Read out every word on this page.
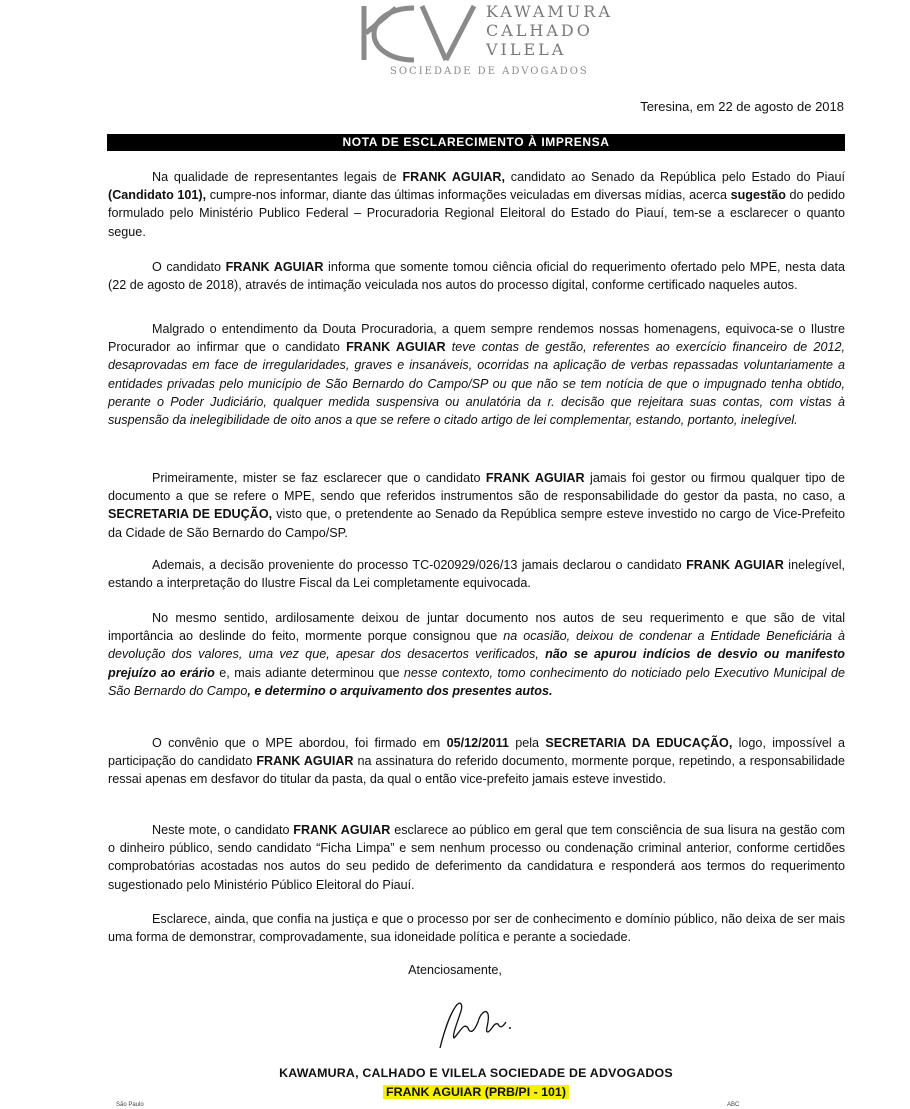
KAWAMURA
CALHADO
VILELA
SOCIEDADE DE ADVOGADOS
Teresina, em 22 de agosto de 2018
NOTA DE ESCLARECIMENTO À IMPRENSA

Na qualidade de representantes legais de FRANK AGUIAR, candidato ao Senado da República pelo Estado do Piauí (Candidato 101), cumpre-nos informar, diante das últimas informações veiculadas em diversas mídias, acerca sugestão do pedido formulado pelo Ministério Publico Federal – Procuradoria Regional Eleitoral do Estado do Piauí, tem-se a esclarecer o quanto segue.

O candidato FRANK AGUIAR informa que somente tomou ciência oficial do requerimento ofertado pelo MPE, nesta data (22 de agosto de 2018), através de intimação veiculada nos autos do processo digital, conforme certificado naqueles autos.

Malgrado o entendimento da Douta Procuradoria, a quem sempre rendemos nossas homenagens, equivoca-se o Ilustre Procurador ao infirmar que o candidato FRANK AGUIAR teve contas de gestão, referentes ao exercício financeiro de 2012, desaprovadas em face de irregularidades, graves e insanáveis, ocorridas na aplicação de verbas repassadas voluntariamente a entidades privadas pelo município de São Bernardo do Campo/SP ou que não se tem notícia de que o impugnado tenha obtido, perante o Poder Judiciário, qualquer medida suspensiva ou anulatória da r. decisão que rejeitara suas contas, com vistas à suspensão da inelegibilidade de oito anos a que se refere o citado artigo de lei complementar, estando, portanto, inelegível.

Primeiramente, mister se faz esclarecer que o candidato FRANK AGUIAR jamais foi gestor ou firmou qualquer tipo de documento a que se refere o MPE, sendo que referidos instrumentos são de responsabilidade do gestor da pasta, no caso, a SECRETARIA DE EDUÇÃO, visto que, o pretendente ao Senado da República sempre esteve investido no cargo de Vice-Prefeito da Cidade de São Bernardo do Campo/SP.

Ademais, a decisão proveniente do processo TC-020929/026/13 jamais declarou o candidato FRANK AGUIAR inelegível, estando a interpretação do Ilustre Fiscal da Lei completamente equivocada.

No mesmo sentido, ardilosamente deixou de juntar documento nos autos de seu requerimento e que são de vital importância ao deslinde do feito, mormente porque consignou que na ocasião, deixou de condenar a Entidade Beneficiária à devolução dos valores, uma vez que, apesar dos desacertos verificados, não se apurou indícios de desvio ou manifesto prejuízo ao erário e, mais adiante determinou que nesse contexto, tomo conhecimento do noticiado pelo Executivo Municipal de São Bernardo do Campo, e determino o arquivamento dos presentes autos.

O convênio que o MPE abordou, foi firmado em 05/12/2011 pela SECRETARIA DA EDUCAÇÃO, logo, impossível a participação do candidato FRANK AGUIAR na assinatura do referido documento, mormente porque, repetindo, a responsabilidade ressai apenas em desfavor do titular da pasta, da qual o então vice-prefeito jamais esteve investido.

Neste mote, o candidato FRANK AGUIAR esclarece ao público em geral que tem consciência de sua lisura na gestão com o dinheiro público, sendo candidato “Ficha Limpa” e sem nenhum processo ou condenação criminal anterior, conforme certidões comprobatórias acostadas nos autos do seu pedido de deferimento da candidatura e responderá aos termos do requerimento sugestionado pelo Ministério Público Eleitoral do Piauí.

Esclarece, ainda, que confia na justiça e que o processo por ser de conhecimento e domínio público, não deixa de ser mais uma forma de demonstrar, comprovadamente, sua idoneidade política e perante a sociedade.

Atenciosamente,
KAWAMURA, CALHADO E VILELA SOCIEDADE DE ADVOGADOS
FRANK AGUIAR (PRB/PI - 101)
São Paulo	ABC
